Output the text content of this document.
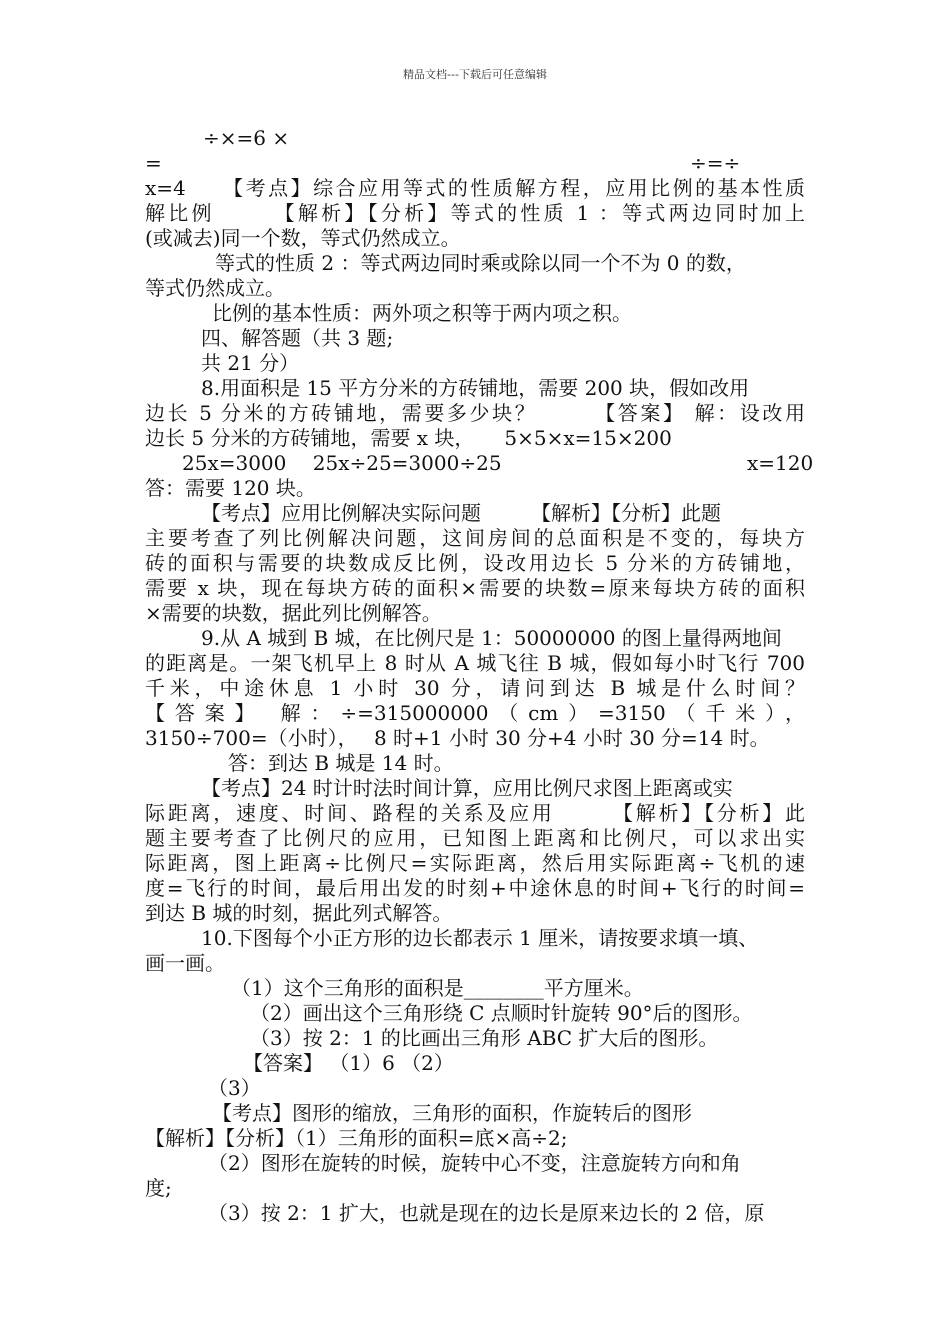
精品文档---下载后可任意编辑
÷×=6 ×
=	÷=÷
x=4　　【考点】综合应用等式的性质解方程，应用比例的基本性质
解比例　　　【解析】【分析】等式的性质 1 ：等式两边同时加上
(或减去)同一个数，等式仍然成立。
等式的性质 2 ：等式两边同时乘或除以同一个不为 0 的数，
等式仍然成立。
比例的基本性质：两外项之积等于两内项之积。
四、解答题（共 3 题;
共 21 分）
8.用面积是 15 平方分米的方砖铺地，需要 200 块，假如改用
边长 5 分米的方砖铺地，需要多少块？　　　【答案】 解：设改用
边长 5 分米的方砖铺地，需要 x 块，　　5×5×x=15×200
25x=3000　 25x÷25=3000÷25	x=120
答：需要 120 块。
【考点】应用比例解决实际问题　　　【解析】【分析】此题
主要考查了列比例解决问题，这间房间的总面积是不变的，每块方
砖的面积与需要的块数成反比例，设改用边长 5 分米的方砖铺地，
需要 x 块，现在每块方砖的面积×需要的块数=原来每块方砖的面积
×需要的块数，据此列比例解答。
9.从 A 城到 B 城，在比例尺是 1：50000000 的图上量得两地间
的距离是。一架飞机早上 8 时从 A 城飞往 B 城，假如每小时飞行 700
千米，中途休息 1 小时 30 分，请问到达 B 城是什么时间？
【答案】 解：÷=315000000（cm）=3150（千米），
3150÷700=（小时），　 8 时+1 小时 30 分+4 小时 30 分=14 时。
答：到达 B 城是 14 时。
【考点】24 时计时法时间计算，应用比例尺求图上距离或实
际距离，速度、时间、路程的关系及应用　　　【解析】【分析】此
题主要考查了比例尺的应用，已知图上距离和比例尺，可以求出实
际距离，图上距离÷比例尺=实际距离，然后用实际距离÷飞机的速
度=飞行的时间，最后用出发的时刻+中途休息的时间+飞行的时间=
到达 B 城的时刻，据此列式解答。
10.下图每个小正方形的边长都表示 1 厘米，请按要求填一填、
画一画。
（1）这个三角形的面积是________平方厘米。
（2）画出这个三角形绕 C 点顺时针旋转 90°后的图形。
（3）按 2：1 的比画出三角形 ABC 扩大后的图形。
【答案】 （1）6 （2）
（3）
【考点】图形的缩放，三角形的面积，作旋转后的图形
【解析】【分析】（1）三角形的面积=底×高÷2;
（2）图形在旋转的时候，旋转中心不变，注意旋转方向和角
度;
（3）按 2：1 扩大，也就是现在的边长是原来边长的 2 倍，原
